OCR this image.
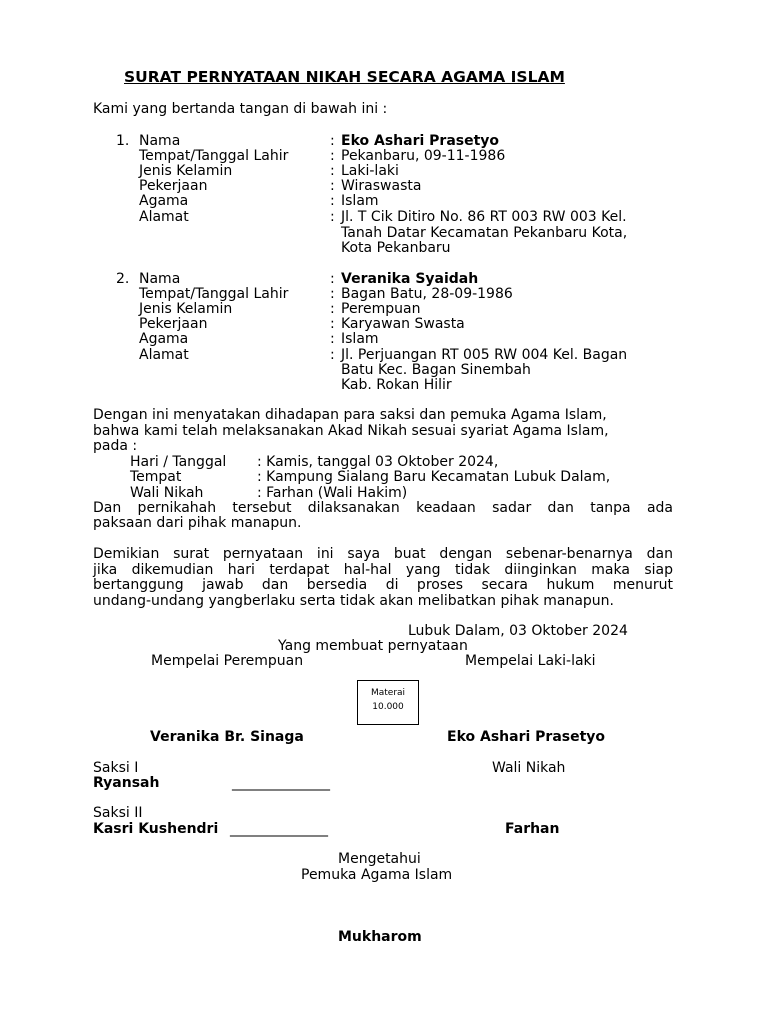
SURAT PERNYATAAN NIKAH SECARA AGAMA ISLAM
Kami yang bertanda tangan di bawah ini :
1. Nama	: Eko Ashari Prasetyo
Tempat/Tanggal Lahir	: Pekanbaru, 09-11-1986
Jenis Kelamin	: Laki-laki
Pekerjaan	: Wiraswasta
Agama	: Islam
Alamat	: Jl. T Cik Ditiro No. 86 RT 003 RW 003 Kel.
Tanah Datar Kecamatan Pekanbaru Kota,
Kota Pekanbaru
2. Nama	: Veranika Syaidah
Tempat/Tanggal Lahir	: Bagan Batu, 28-09-1986
Jenis Kelamin	: Perempuan
Pekerjaan	: Karyawan Swasta
Agama	: Islam
Alamat	: Jl. Perjuangan RT 005 RW 004 Kel. Bagan
Batu Kec. Bagan Sinembah
Kab. Rokan Hilir
Dengan ini menyatakan dihadapan para saksi dan pemuka Agama Islam,
bahwa kami telah melaksanakan Akad Nikah sesuai syariat Agama Islam,
pada :
Hari / Tanggal : Kamis, tanggal 03 Oktober 2024,
Tempat	: Kampung Sialang Baru Kecamatan Lubuk Dalam,
Wali Nikah	: Farhan (Wali Hakim)
Dan pernikahah tersebut dilaksanakan keadaan sadar dan tanpa ada
paksaan dari pihak manapun.
Demikian surat pernyataan ini saya buat dengan sebenar-benarnya dan
jika dikemudian hari terdapat hal-hal yang tidak diinginkan maka siap
bertanggung jawab dan bersedia di proses secara hukum menurut
undang-undang yangberlaku serta tidak akan melibatkan pihak manapun.
Lubuk Dalam, 03 Oktober 2024
Yang membuat pernyataan
Mempelai Perempuan	Mempelai Laki-laki
Materai
10.000
Veranika Br. Sinaga	Eko Ashari Prasetyo
Saksi I	Wali Nikah
Ryansah	______________
Saksi II
Kasri Kushendri ______________	Farhan
Mengetahui
Pemuka Agama Islam
Mukharom
